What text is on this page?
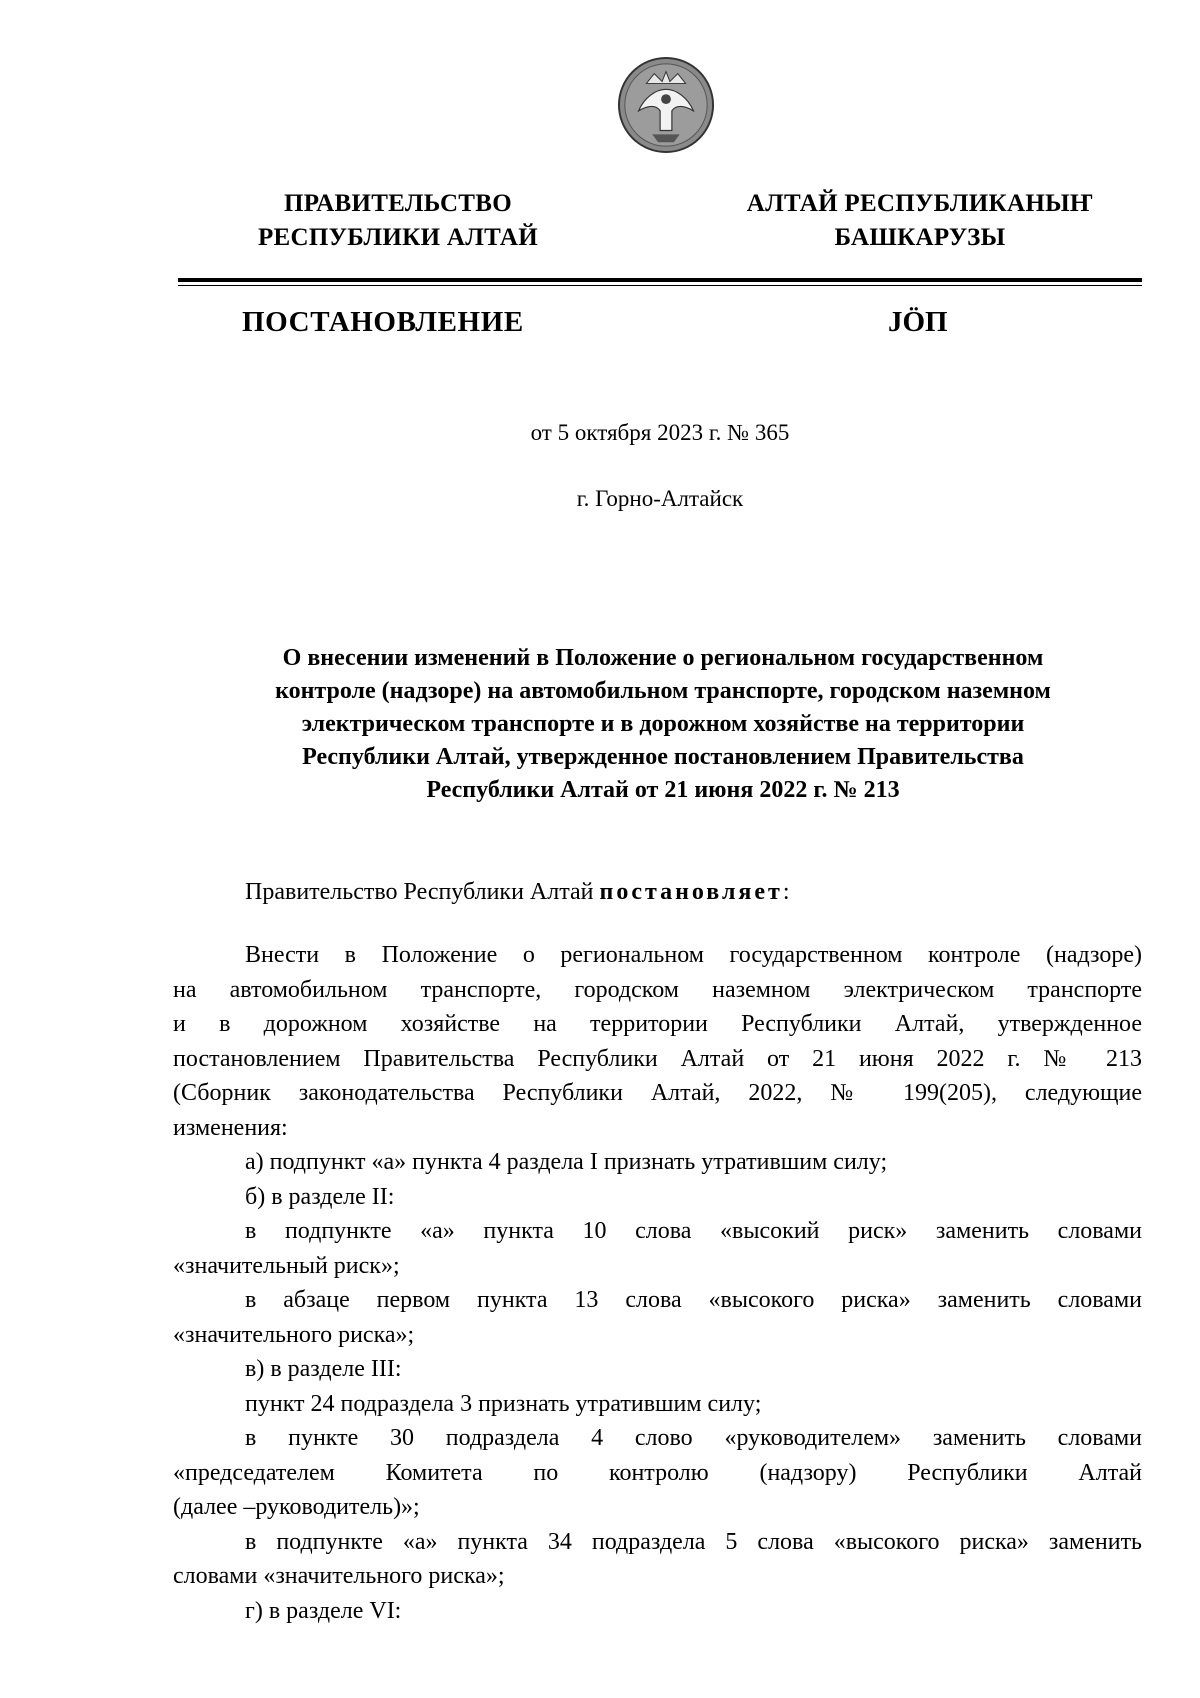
ПРАВИТЕЛЬСТВО
РЕСПУБЛИКИ АЛТАЙ
АЛТАЙ РЕСПУБЛИКАНЫҤ
БАШКАРУЗЫ
ПОСТАНОВЛЕНИЕ	JӦП
от 5 октября 2023 г. № 365
г. Горно-Алтайск
О внесении изменений в Положение о региональном государственном
контроле (надзоре) на автомобильном транспорте, городском наземном
электрическом транспорте и в дорожном хозяйстве на территории
Республики Алтай, утвержденное постановлением Правительства
Республики Алтай от 21 июня 2022 г. № 213
Правительство Республики Алтай постановляет:
Внести в Положение о региональном государственном контроле (надзоре)
на автомобильном транспорте, городском наземном электрическом транспорте
и в дорожном хозяйстве на территории Республики Алтай, утвержденное
постановлением Правительства Республики Алтай от 21 июня 2022 г. № 213
(Сборник законодательства Республики Алтай, 2022, № 199(205), следующие
изменения:
а) подпункт «а» пункта 4 раздела I признать утратившим силу;
б) в разделе II:
в подпункте «а» пункта 10 слова «высокий риск» заменить словами
«значительный риск»;
в абзаце первом пункта 13 слова «высокого риска» заменить словами
«значительного риска»;
в) в разделе III:
пункт 24 подраздела 3 признать утратившим силу;
в пункте 30 подраздела 4 слово «руководителем» заменить словами
«председателем Комитета по контролю (надзору) Республики Алтай
(далее –руководитель)»;
в подпункте «а» пункта 34 подраздела 5 слова «высокого риска» заменить
словами «значительного риска»;
г) в разделе VI:
